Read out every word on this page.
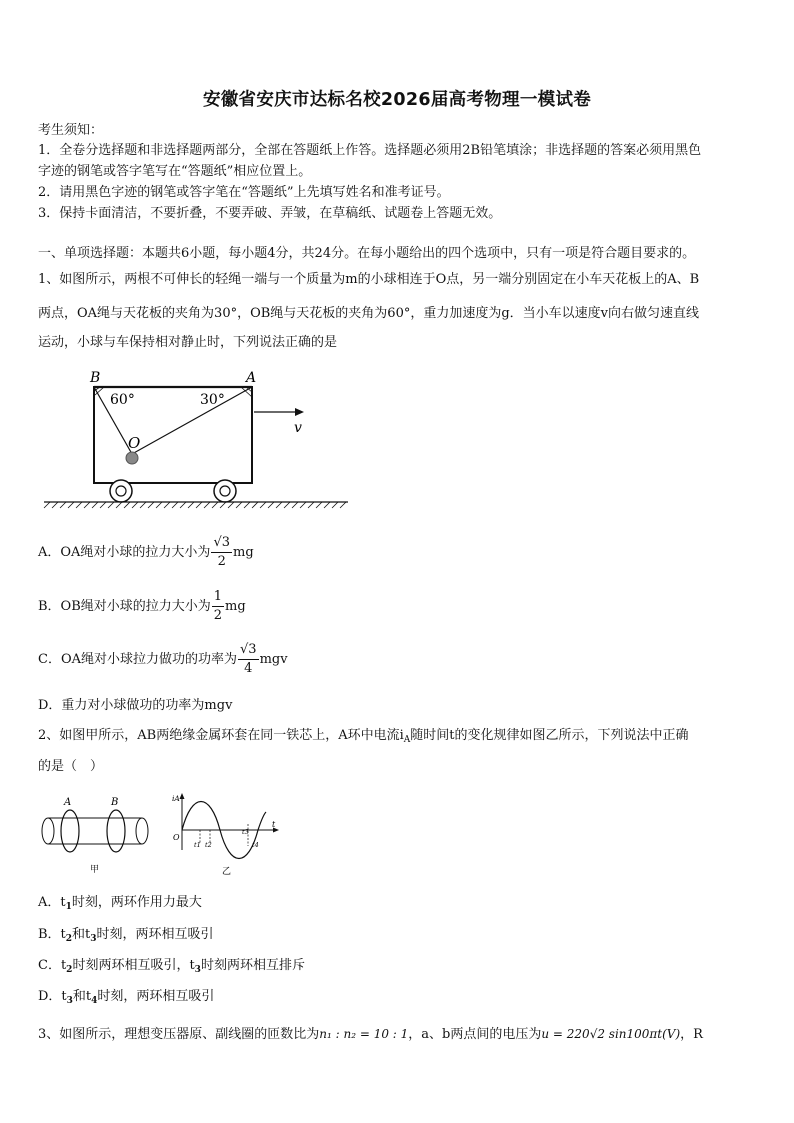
安徽省安庆市达标名校2026届高考物理一模试卷
考生须知：
1．全卷分选择题和非选择题两部分，全部在答题纸上作答。选择题必须用2B铅笔填涂；非选择题的答案必须用黑色
字迹的钢笔或答字笔写在“答题纸”相应位置上。
2．请用黑色字迹的钢笔或答字笔在“答题纸”上先填写姓名和准考证号。
3．保持卡面清洁，不要折叠，不要弄破、弄皱，在草稿纸、试题卷上答题无效。
一、单项选择题：本题共6小题，每小题4分，共24分。在每小题给出的四个选项中，只有一项是符合题目要求的。
1、如图所示，两根不可伸长的轻绳一端与一个质量为m的小球相连于O点，另一端分别固定在小车天花板上的A、B
两点，OA绳与天花板的夹角为30°，OB绳与天花板的夹角为60°，重力加速度为g．当小车以速度v向右做匀速直线
运动，小球与车保持相对静止时，下列说法正确的是
B	A
60°	30°
O
v
A．OA绳对小球的拉力大小为 $\frac{√3}{2}$ mg
B．OB绳对小球的拉力大小为 $\frac{1}{2}$ mg
C．OA绳对小球拉力做功的功率为 $\frac{√3}{4}$ mgv
D．重力对小球做功的功率为mgv
2、如图甲所示，AB两绝缘金属环套在同一铁芯上，A环中电流$i_A$随时间t的变化规律如图乙所示，下列说法中正确
的是（　）
A	B
甲
iA
t
O
t1 t2
t3
t4
乙
A．$t_1$时刻，两环作用力最大
B．$t_2$和$t_3$时刻，两环相互吸引
C．$t_2$时刻两环相互吸引，$t_3$时刻两环相互排斥
D．$t_3$和$t_4$时刻，两环相互吸引
3、如图所示，理想变压器原、副线圈的匝数比为n₁ : n₂ = 10 : 1，a、b两点间的电压为u = 220√2 sin100πt(V)，R
